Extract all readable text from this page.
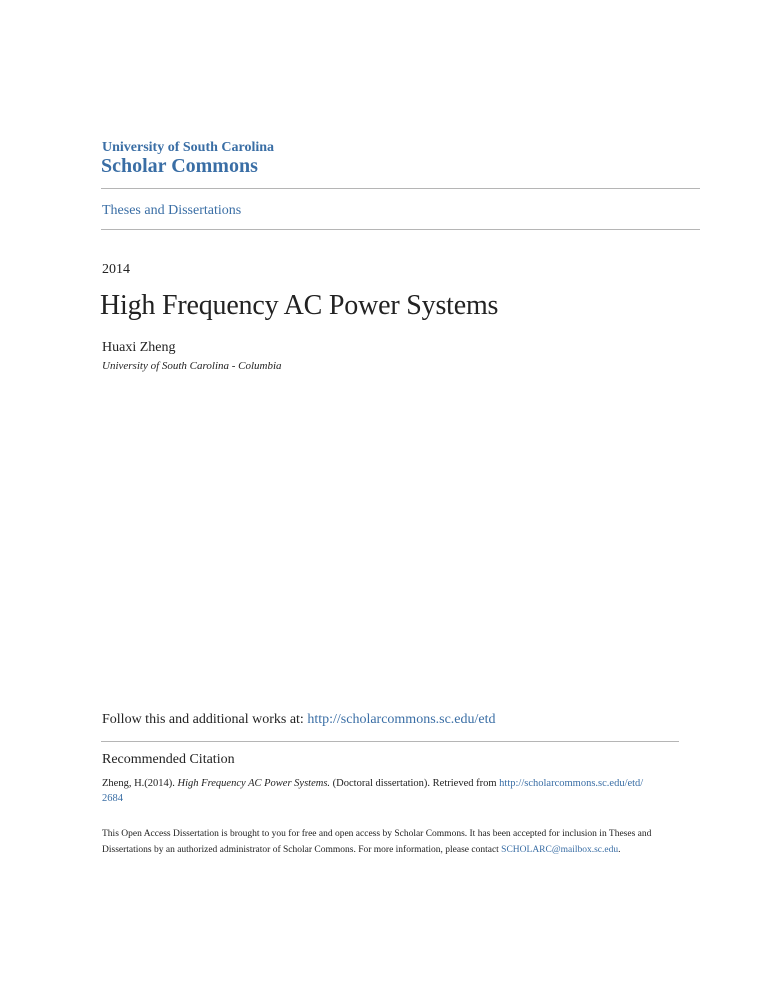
University of South Carolina
Scholar Commons
Theses and Dissertations
2014
High Frequency AC Power Systems
Huaxi Zheng
University of South Carolina - Columbia
Follow this and additional works at: http://scholarcommons.sc.edu/etd
Recommended Citation
Zheng, H.(2014). High Frequency AC Power Systems. (Doctoral dissertation). Retrieved from http://scholarcommons.sc.edu/etd/
2684
This Open Access Dissertation is brought to you for free and open access by Scholar Commons. It has been accepted for inclusion in Theses and Dissertations by an authorized administrator of Scholar Commons. For more information, please contact SCHOLARC@mailbox.sc.edu.
